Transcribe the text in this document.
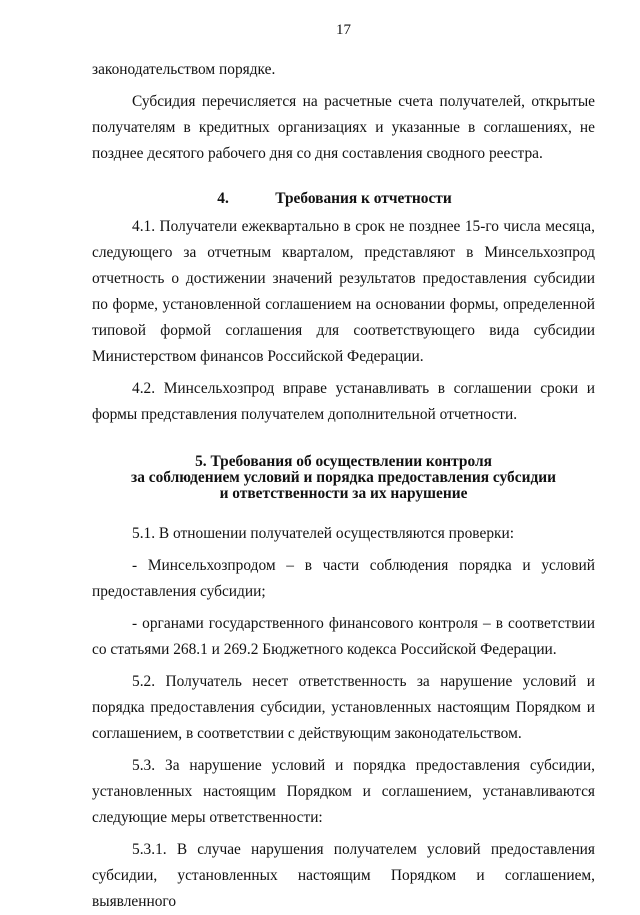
17

законодательством порядке.

Субсидия перечисляется на расчетные счета получателей, открытые получателям в кредитных организациях и указанные в соглашениях, не позднее десятого рабочего дня со дня составления сводного реестра.

4.	Требования к отчетности

4.1. Получатели ежеквартально в срок не позднее 15-го числа месяца, следующего за отчетным кварталом, представляют в Минсельхозпрод отчетность о достижении значений результатов предоставления субсидии по форме, установленной соглашением на основании формы, определенной типовой формой соглашения для соответствующего вида субсидии Министерством финансов Российской Федерации.

4.2. Минсельхозпрод вправе устанавливать в соглашении сроки и формы представления получателем дополнительной отчетности.

5. Требования об осуществлении контроля
за соблюдением условий и порядка предоставления субсидии
и ответственности за их нарушение

5.1. В отношении получателей осуществляются проверки:

- Минсельхозпродом – в части соблюдения порядка и условий предоставления субсидии;

- органами государственного финансового контроля – в соответствии со статьями 268.1 и 269.2 Бюджетного кодекса Российской Федерации.

5.2. Получатель несет ответственность за нарушение условий и порядка предоставления субсидии, установленных настоящим Порядком и соглашением, в соответствии с действующим законодательством.

5.3. За нарушение условий и порядка предоставления субсидии, установленных настоящим Порядком и соглашением, устанавливаются следующие меры ответственности:

5.3.1. В случае нарушения получателем условий предоставления субсидии, установленных настоящим Порядком и соглашением, выявленного
